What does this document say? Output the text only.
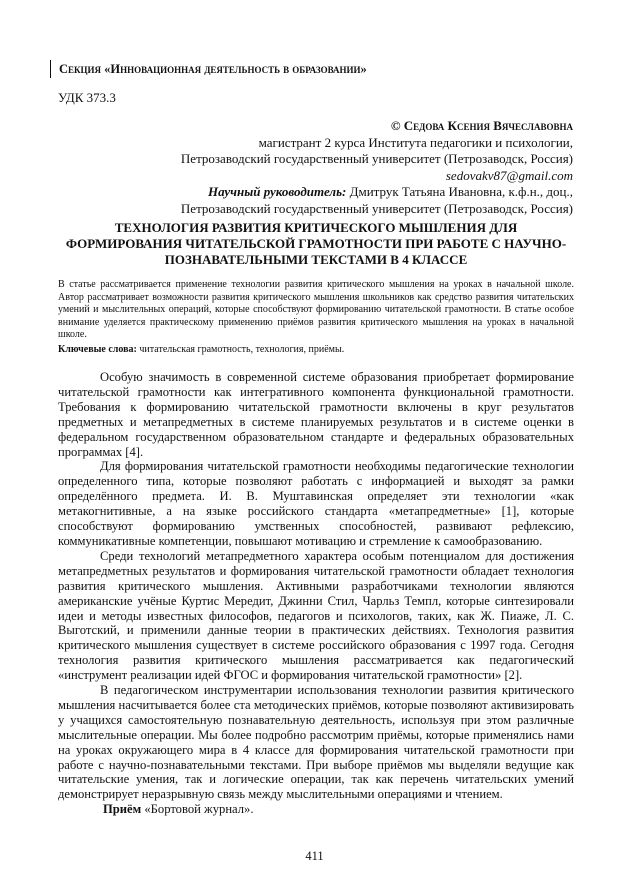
Секция «Инновационная деятельность в образовании»
УДК 373.3
© Седова Ксения Вячеславовна
магистрант 2 курса Института педагогики и психологии,
Петрозаводский государственный университет (Петрозаводск, Россия)
sedovakv87@gmail.com
Научный руководитель: Дмитрук Татьяна Ивановна, к.ф.н., доц.,
Петрозаводский государственный университет (Петрозаводск, Россия)
ТЕХНОЛОГИЯ РАЗВИТИЯ КРИТИЧЕСКОГО МЫШЛЕНИЯ ДЛЯ
ФОРМИРОВАНИЯ ЧИТАТЕЛЬСКОЙ ГРАМОТНОСТИ ПРИ РАБОТЕ С НАУЧНО-
ПОЗНАВАТЕЛЬНЫМИ ТЕКСТАМИ В 4 КЛАССЕ
В статье рассматривается применение технологии развития критического мышления на уроках в начальной школе. Автор рассматривает возможности развития критического мышления школьников как средство развития читательских умений и мыслительных операций, которые способствуют формированию читательской грамотности. В статье особое внимание уделяется практическому применению приёмов развития критического мышления на уроках в начальной школе.
Ключевые слова: читательская грамотность, технология, приёмы.

Особую значимость в современной системе образования приобретает формирование читательской грамотности как интегративного компонента функциональной грамотности. Требования к формированию читательской грамотности включены в круг результатов предметных и метапредметных в системе планируемых результатов и в системе оценки в федеральном государственном образовательном стандарте и федеральных образовательных программах [4].

Для формирования читательской грамотности необходимы педагогические технологии определенного типа, которые позволяют работать с информацией и выходят за рамки определённого предмета. И. В. Муштавинская определяет эти технологии «как метакогнитивные, а на языке российского стандарта «метапредметные» [1], которые способствуют формированию умственных способностей, развивают рефлексию, коммуникативные компетенции, повышают мотивацию и стремление к самообразованию.

Среди технологий метапредметного характера особым потенциалом для достижения метапредметных результатов и формирования читательской грамотности обладает технология развития критического мышления. Активными разработчиками технологии являются американские учёные Куртис Мередит, Джинни Стил, Чарльз Темпл, которые синтезировали идеи и методы известных философов, педагогов и психологов, таких, как Ж. Пиаже, Л. С. Выготский, и применили данные теории в практических действиях. Технология развития критического мышления существует в системе российского образования с 1997 года. Сегодня технология развития критического мышления рассматривается как педагогический «инструмент реализации идей ФГОС и формирования читательской грамотности» [2].

В педагогическом инструментарии использования технологии развития критического мышления насчитывается более ста методических приёмов, которые позволяют активизировать у учащихся самостоятельную познавательную деятельность, используя при этом различные мыслительные операции. Мы более подробно рассмотрим приёмы, которые применялись нами на уроках окружающего мира в 4 классе для формирования читательской грамотности при работе с научно-познавательными текстами. При выборе приёмов мы выделяли ведущие как читательские умения, так и логические операции, так как перечень читательских умений демонстрирует неразрывную связь между мыслительными операциями и чтением.

Приём «Бортовой журнал».

411
